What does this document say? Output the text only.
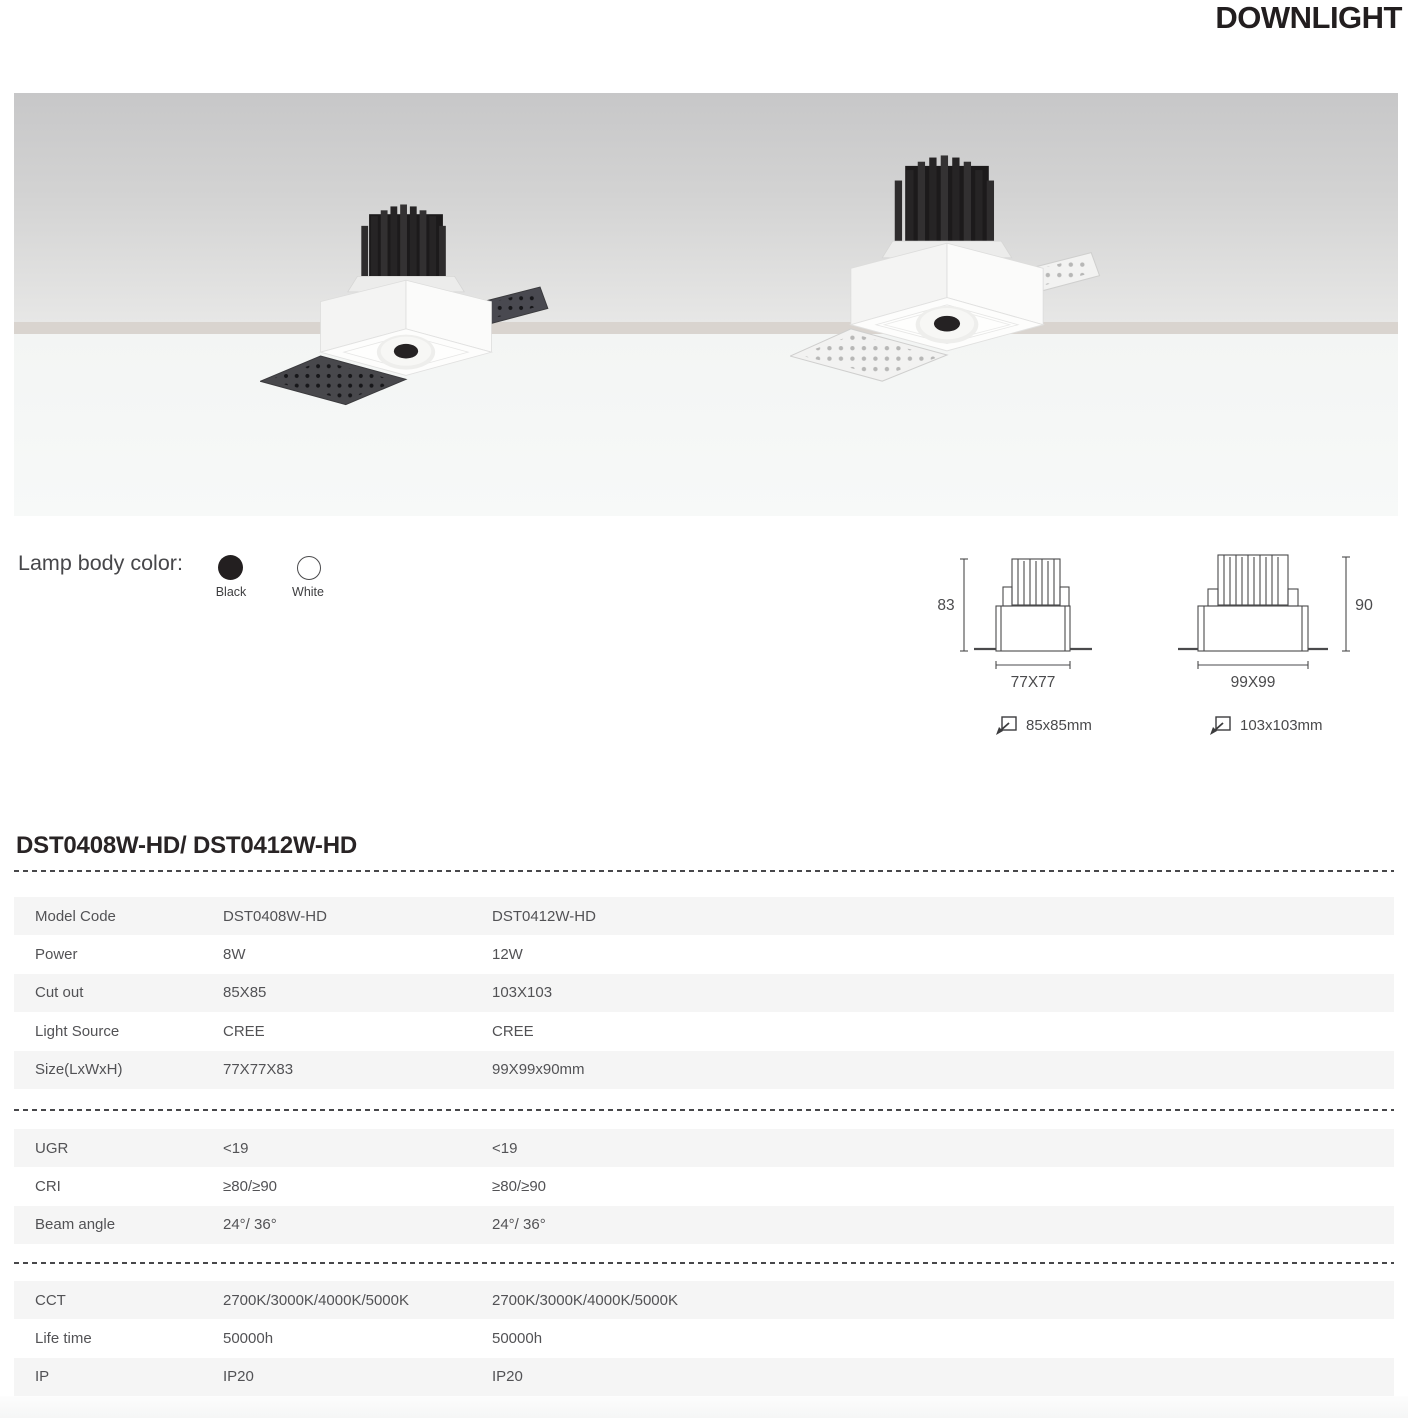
DOWNLIGHT
Lamp body color:
Black	White
83
77X77
90
99X99
85x85mm	103x103mm
DST0408W-HD/ DST0412W-HD
Model Code	DST0408W-HD	DST0412W-HD
Power	8W	12W
Cut out	85X85	103X103
Light Source	CREE	CREE
Size(LxWxH)	77X77X83	99X99x90mm
UGR	<19	<19
CRI	≥80/≥90	≥80/≥90
Beam angle	24°/ 36°	24°/ 36°
CCT	2700K/3000K/4000K/5000K	2700K/3000K/4000K/5000K
Life time	50000h	50000h
IP	IP20	IP20
